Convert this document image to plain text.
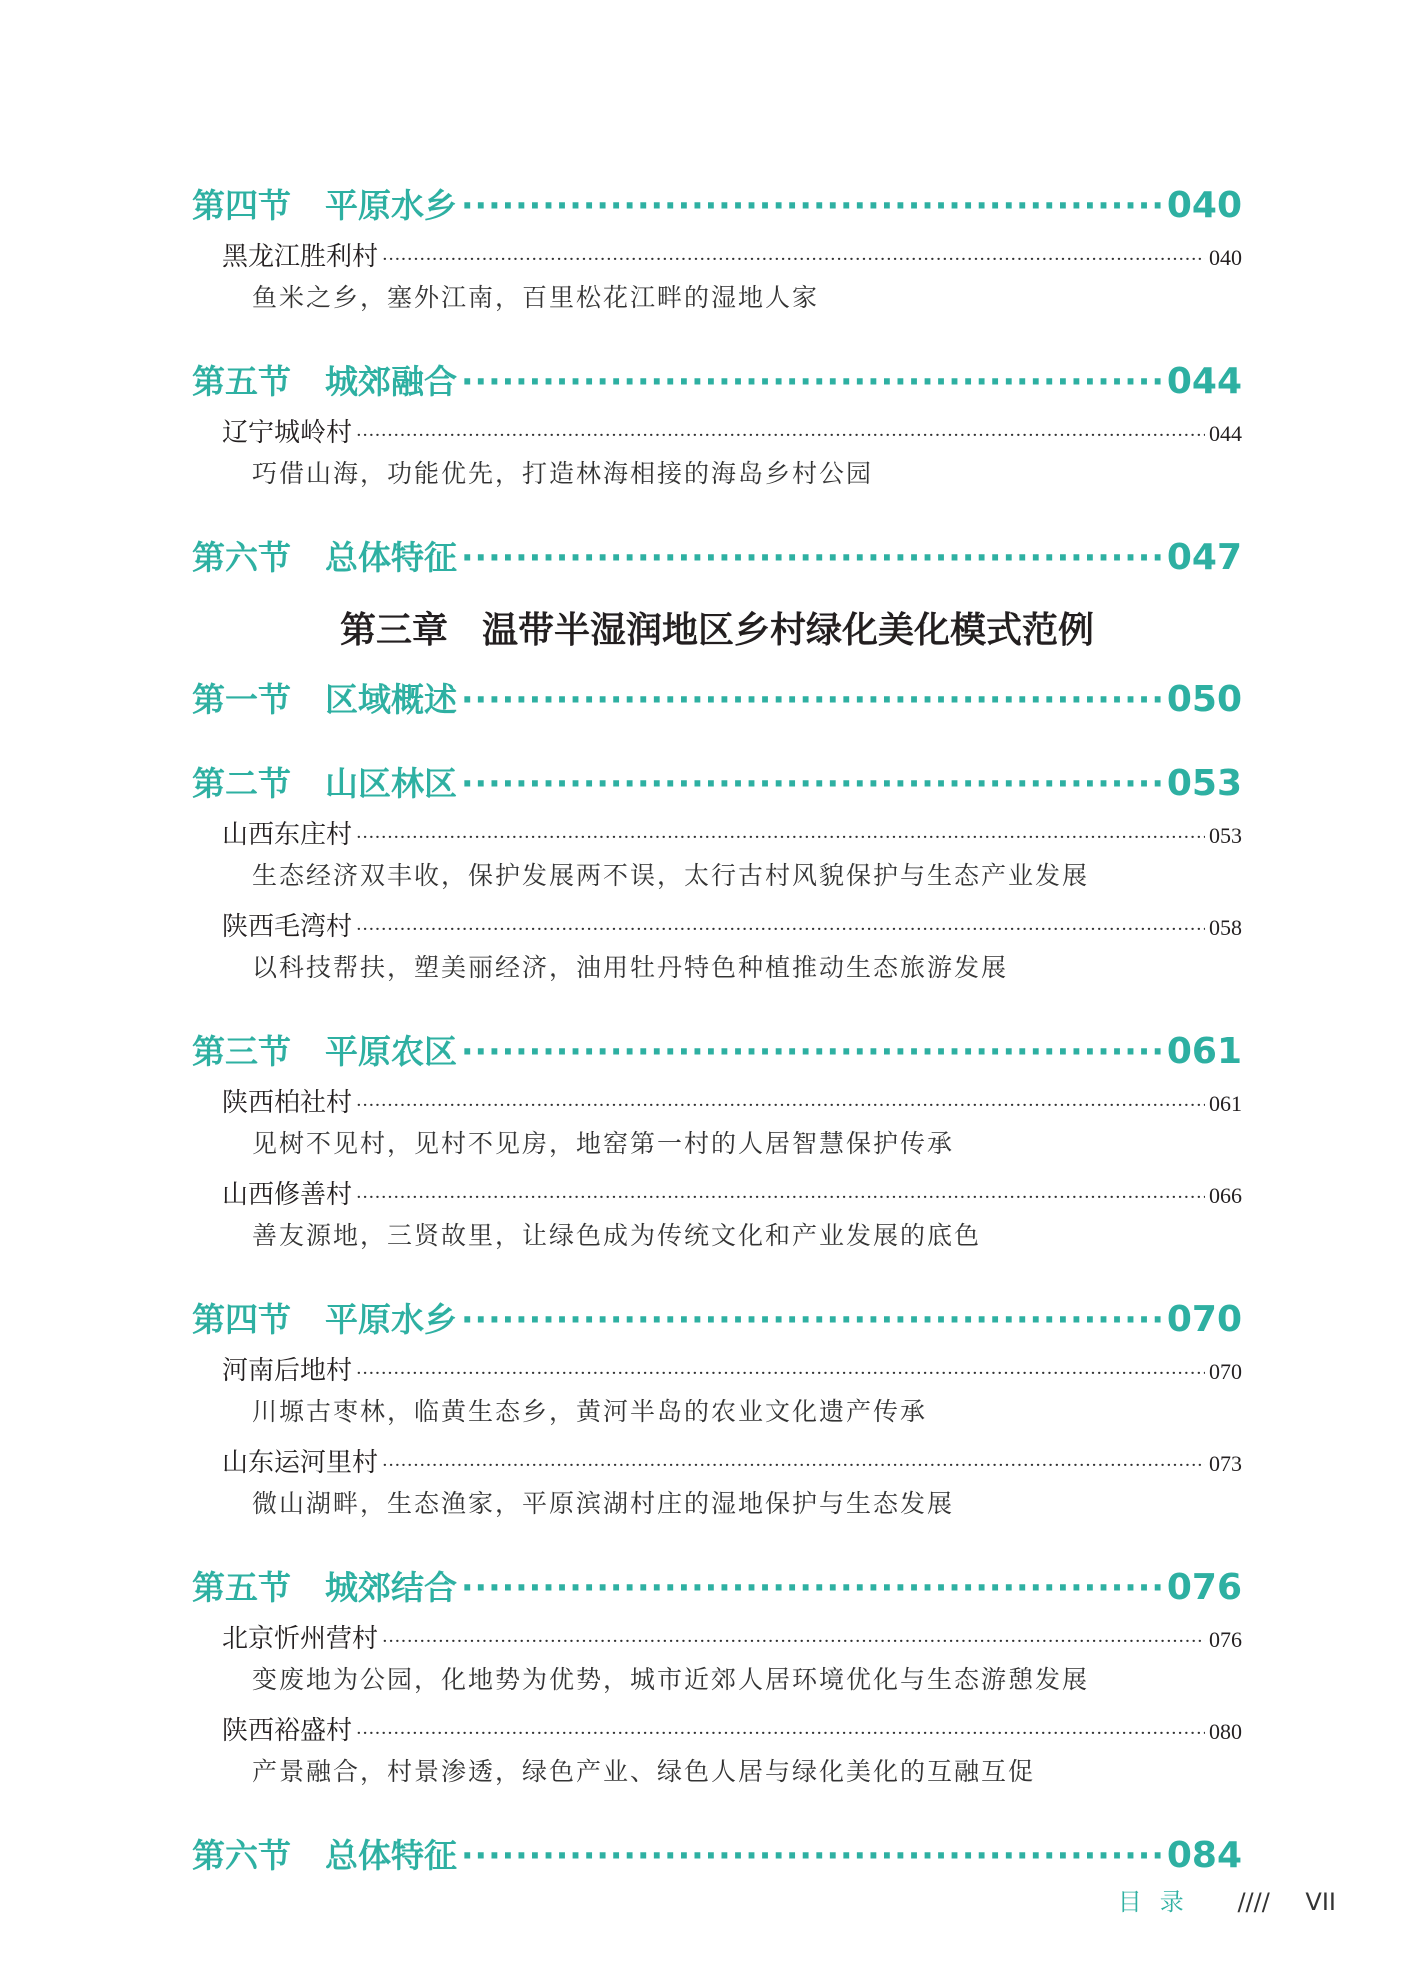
第四节 平原水乡 ·····	040
黑龙江胜利村 ·····	040
鱼米之乡，塞外江南，百里松花江畔的湿地人家
第五节 城郊融合 ·····	044
辽宁城岭村 ·····	044
巧借山海，功能优先，打造林海相接的海岛乡村公园
第六节 总体特征 ·····	047
第三章 温带半湿润地区乡村绿化美化模式范例
第一节 区域概述 ·····	050
第二节 山区林区 ·····	053
山西东庄村 ·····	053
生态经济双丰收，保护发展两不误，太行古村风貌保护与生态产业发展
陕西毛湾村 ·····	058
以科技帮扶，塑美丽经济，油用牡丹特色种植推动生态旅游发展
第三节 平原农区 ·····	061
陕西柏社村 ·····	061
见树不见村，见村不见房，地窑第一村的人居智慧保护传承
山西修善村 ·····	066
善友源地，三贤故里，让绿色成为传统文化和产业发展的底色
第四节 平原水乡 ·····	070
河南后地村 ·····	070
川塬古枣林，临黄生态乡，黄河半岛的农业文化遗产传承
山东运河里村 ·····	073
微山湖畔，生态渔家，平原滨湖村庄的湿地保护与生态发展
第五节 城郊结合 ·····	076
北京忻州营村 ·····	076
变废地为公园，化地势为优势，城市近郊人居环境优化与生态游憩发展
陕西裕盛村 ·····	080
产景融合，村景渗透，绿色产业、绿色人居与绿化美化的互融互促
第六节 总体特征 ·····	084
目录 //// VII
